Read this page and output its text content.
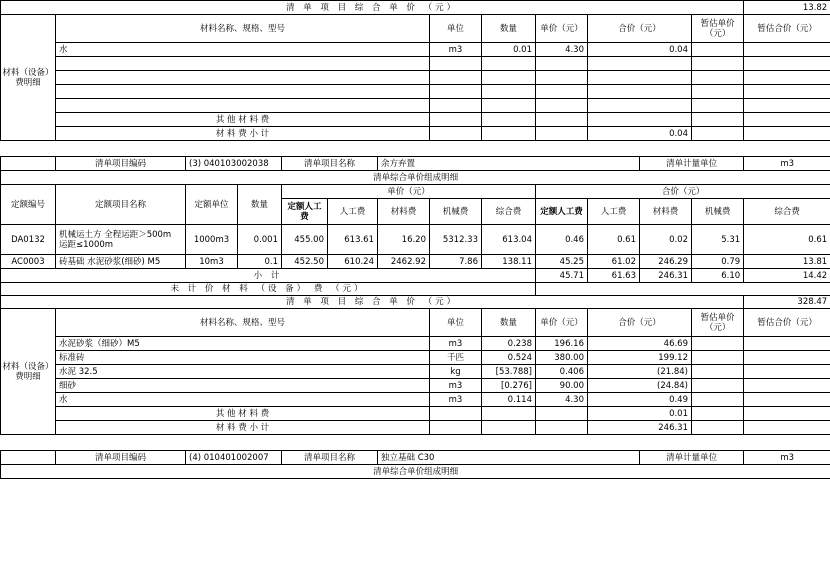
清 单 项 目 综 合 单 价 （元）													13.82
材料（设备）费明细	材料名称、规格、型号						单位	数量	单价（元）	合价（元）		暂估单价（元）	暂估合价（元）
	水						m3	0.01	4.30	0.04			

	其 他 材 料 费												
	材 料 费 小 计									0.04			

	清单项目编码	(3) 040103002038		清单项目名称		余方弃置					清单计量单位		m3
清单综合单价组成明细													
定额编号	定额项目名称	定额单位	数量	单价（元）					合价（元）				
				定额人工费	人工费	材料费	机械费	综合费	定额人工费	人工费	材料费	机械费	综合费
DA0132	机械运土方 全程运距＞500m 运距≤1000m	1000m3	0.001	455.00	613.61	16.20	5312.33	613.04	0.46	0.61	0.02	5.31	0.61
AC0003	砖基础 水泥砂浆(细砂) M5	10m3	0.1	452.50	610.24	2462.92	7.86	138.11	45.25	61.02	246.29	0.79	13.81
小 计									45.71	61.63	246.31	6.10	14.42
未 计 价 材 料 （设 备） 费 （元）													
清 单 项 目 综 合 单 价 （元）													328.47
材料（设备）费明细	材料名称、规格、型号						单位	数量	单价（元）	合价（元）		暂估单价（元）	暂估合价（元）
	水泥砂浆（细砂）M5						m3	0.238	196.16	46.69			
	标准砖						千匹	0.524	380.00	199.12			
	水泥 32.5						kg	[53.788]	0.406	(21.84)			
	细砂						m3	[0.276]	90.00	(24.84)			
	水						m3	0.114	4.30	0.49			
	其 他 材 料 费									0.01			
	材 料 费 小 计									246.31			

	清单项目编码	(4) 010401002007		清单项目名称		独立基础 C30					清单计量单位		m3
清单综合单价组成明细													
